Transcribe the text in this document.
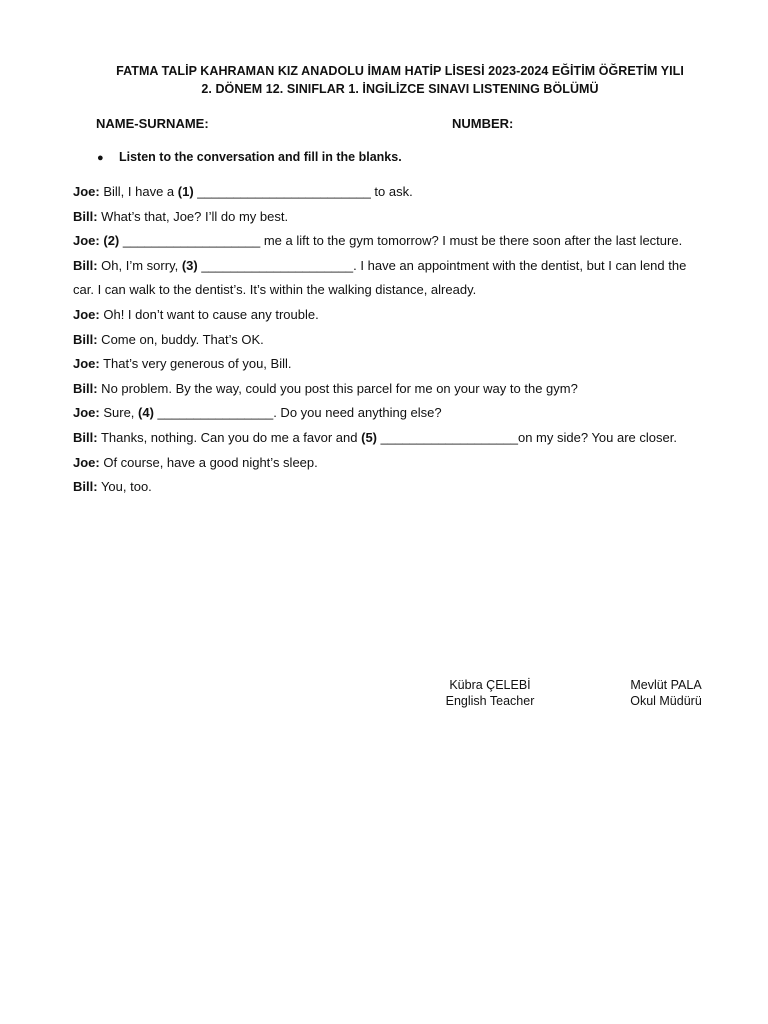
FATMA TALİP KAHRAMAN KIZ ANADOLU İMAM HATİP LİSESİ 2023-2024 EĞİTİM ÖĞRETİM YILI
2. DÖNEM 12. SINIFLAR 1. İNGİLİZCE SINAVI LISTENING BÖLÜMÜ
NAME-SURNAME:	NUMBER:
● Listen to the conversation and fill in the blanks.
Joe: Bill, I have a (1) ________________________ to ask.
Bill: What’s that, Joe? I’ll do my best.
Joe: (2) ___________________ me a lift to the gym tomorrow? I must be there soon after the last lecture.
Bill: Oh, I’m sorry, (3) _____________________. I have an appointment with the dentist, but I can lend the car. I can walk to the dentist’s. It’s within the walking distance, already.
Joe: Oh! I don’t want to cause any trouble.
Bill: Come on, buddy. That’s OK.
Joe: That’s very generous of you, Bill.
Bill: No problem. By the way, could you post this parcel for me on your way to the gym?
Joe: Sure, (4) ________________. Do you need anything else?
Bill: Thanks, nothing. Can you do me a favor and (5) ___________________on my side? You are closer.
Joe: Of course, have a good night’s sleep.
Bill: You, too.
Kübra ÇELEBİ
English Teacher
Mevlüt PALA
Okul Müdürü
